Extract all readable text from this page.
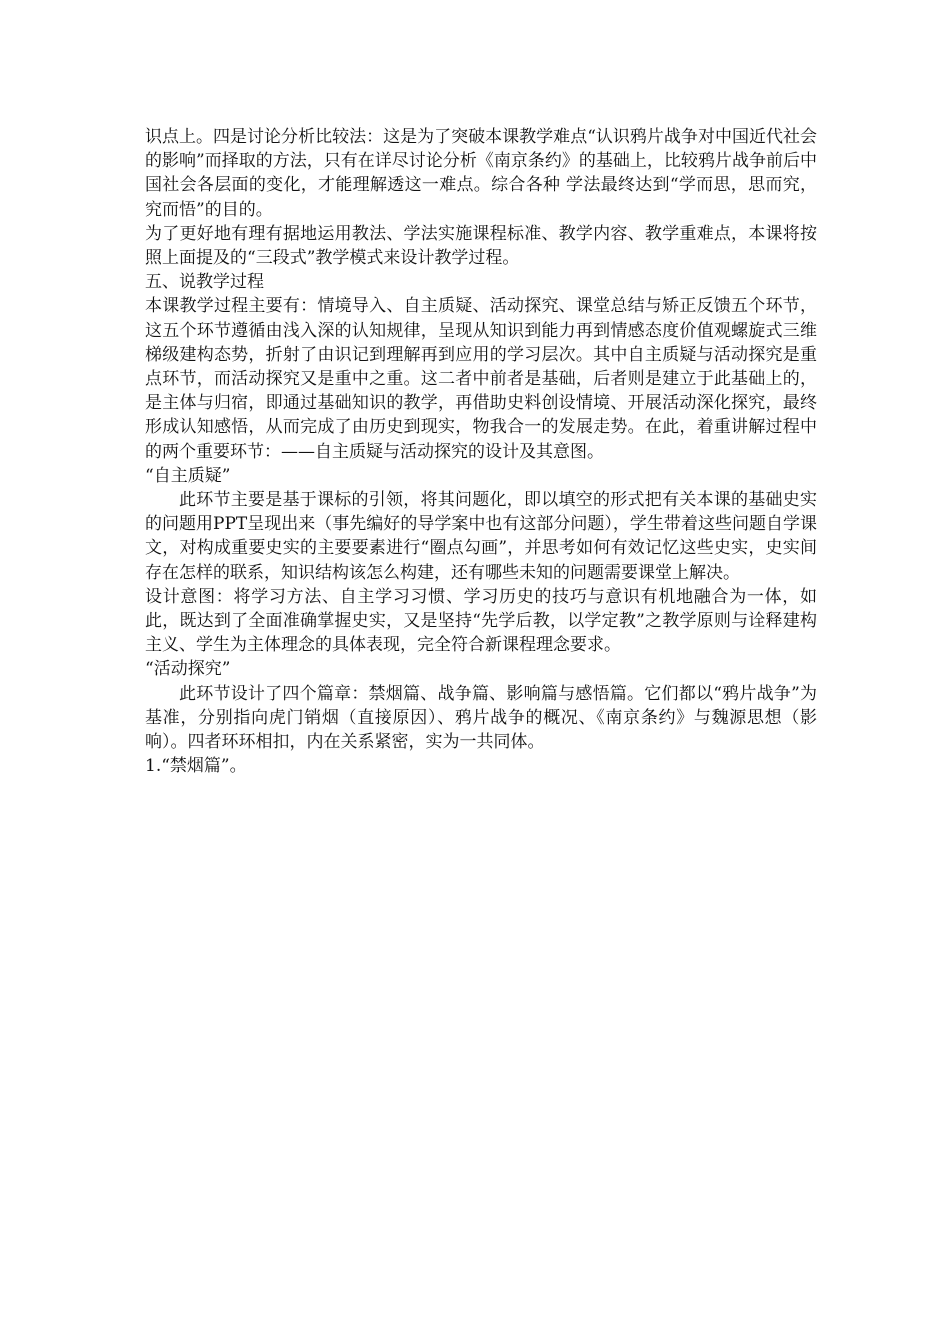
识点上。四是讨论分析比较法：这是为了突破本课教学难点“认识鸦片战争对中国近代社会的影响”而择取的方法，只有在详尽讨论分析《南京条约》的基础上，比较鸦片战争前后中国社会各层面的变化，才能理解透这一难点。综合各种 学法最终达到“学而思，思而究，究而悟”的目的。

为了更好地有理有据地运用教法、学法实施课程标准、教学内容、教学重难点，本课将按照上面提及的“三段式”教学模式来设计教学过程。

五、说教学过程

本课教学过程主要有：情境导入、自主质疑、活动探究、课堂总结与矫正反馈五个环节，这五个环节遵循由浅入深的认知规律，呈现从知识到能力再到情感态度价值观螺旋式三维梯级建构态势，折射了由识记到理解再到应用的学习层次。其中自主质疑与活动探究是重点环节，而活动探究又是重中之重。这二者中前者是基础，后者则是建立于此基础上的，是主体与归宿，即通过基础知识的教学，再借助史料创设情境、开展活动深化探究，最终形成认知感悟，从而完成了由历史到现实，物我合一的发展走势。在此，着重讲解过程中的两个重要环节：——自主质疑与活动探究的设计及其意图。

“自主质疑”

此环节主要是基于课标的引领，将其问题化，即以填空的形式把有关本课的基础史实的问题用PPT呈现出来（事先编好的导学案中也有这部分问题），学生带着这些问题自学课文，对构成重要史实的主要要素进行“圈点勾画”，并思考如何有效记忆这些史实，史实间存在怎样的联系，知识结构该怎么构建，还有哪些未知的问题需要课堂上解决。

设计意图：将学习方法、自主学习习惯、学习历史的技巧与意识有机地融合为一体，如此，既达到了全面准确掌握史实，又是坚持“先学后教，以学定教”之教学原则与诠释建构主义、学生为主体理念的具体表现，完全符合新课程理念要求。

“活动探究”

此环节设计了四个篇章：禁烟篇、战争篇、影响篇与感悟篇。它们都以“鸦片战争”为基准，分别指向虎门销烟（直接原因）、鸦片战争的概况、《南京条约》与魏源思想（影响）。四者环环相扣，内在关系紧密，实为一共同体。

1.“禁烟篇”。
